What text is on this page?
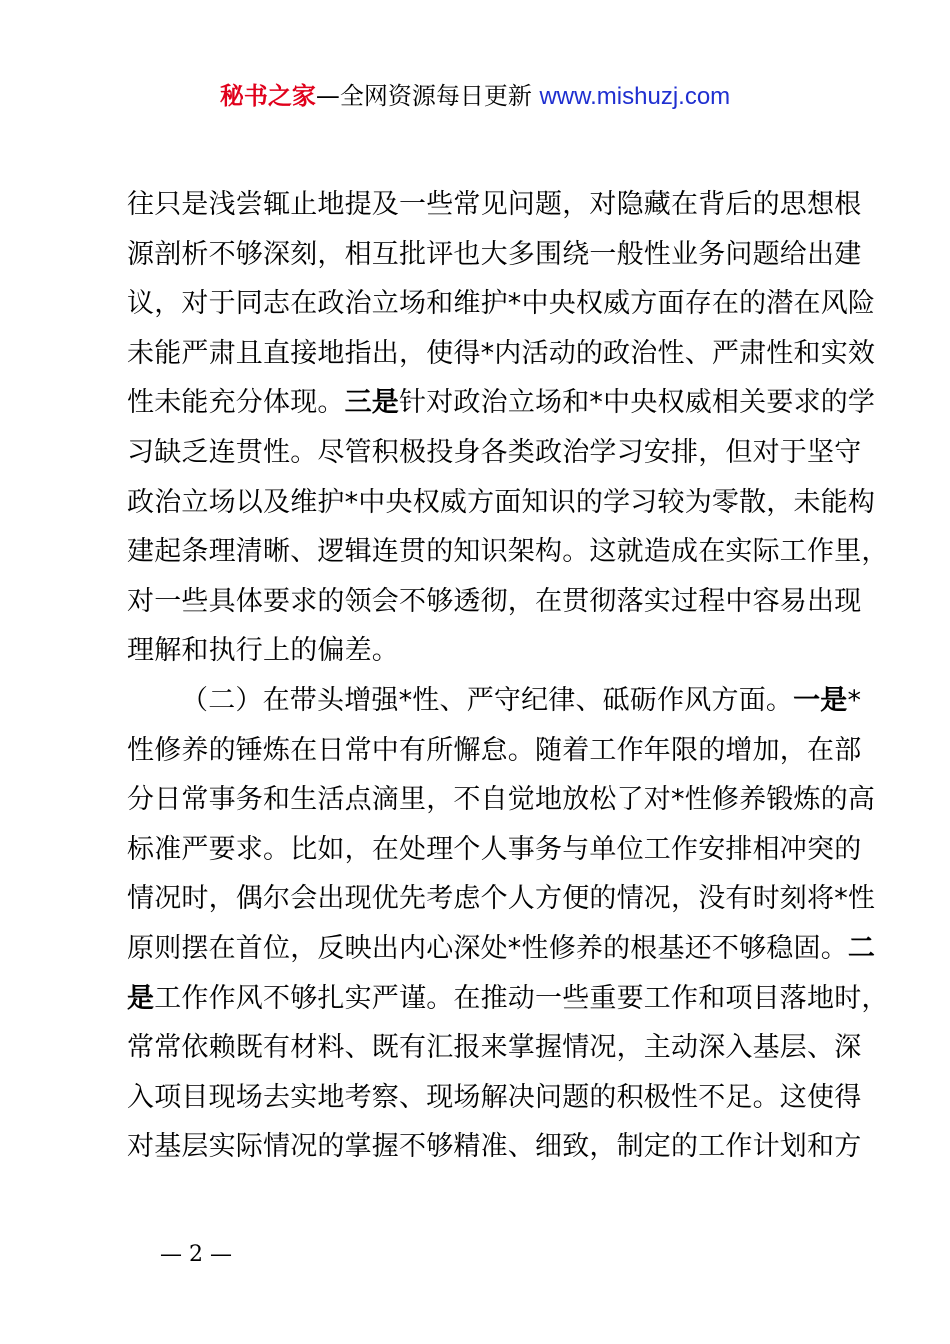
秘书之家—全网资源每日更新 www.mishuzj.com
往只是浅尝辄止地提及一些常见问题，对隐藏在背后的思想根
源剖析不够深刻，相互批评也大多围绕一般性业务问题给出建
议，对于同志在政治立场和维护*中央权威方面存在的潜在风险
未能严肃且直接地指出，使得*内活动的政治性、严肃性和实效
性未能充分体现。三是针对政治立场和*中央权威相关要求的学
习缺乏连贯性。尽管积极投身各类政治学习安排，但对于坚守
政治立场以及维护*中央权威方面知识的学习较为零散，未能构
建起条理清晰、逻辑连贯的知识架构。这就造成在实际工作里，
对一些具体要求的领会不够透彻，在贯彻落实过程中容易出现
理解和执行上的偏差。
（二）在带头增强*性、严守纪律、砥砺作风方面。一是*
性修养的锤炼在日常中有所懈怠。随着工作年限的增加，在部
分日常事务和生活点滴里，不自觉地放松了对*性修养锻炼的高
标准严要求。比如，在处理个人事务与单位工作安排相冲突的
情况时，偶尔会出现优先考虑个人方便的情况，没有时刻将*性
原则摆在首位，反映出内心深处*性修养的根基还不够稳固。二
是工作作风不够扎实严谨。在推动一些重要工作和项目落地时，
常常依赖既有材料、既有汇报来掌握情况，主动深入基层、深
入项目现场去实地考察、现场解决问题的积极性不足。这使得
对基层实际情况的掌握不够精准、细致，制定的工作计划和方
— 2 —
